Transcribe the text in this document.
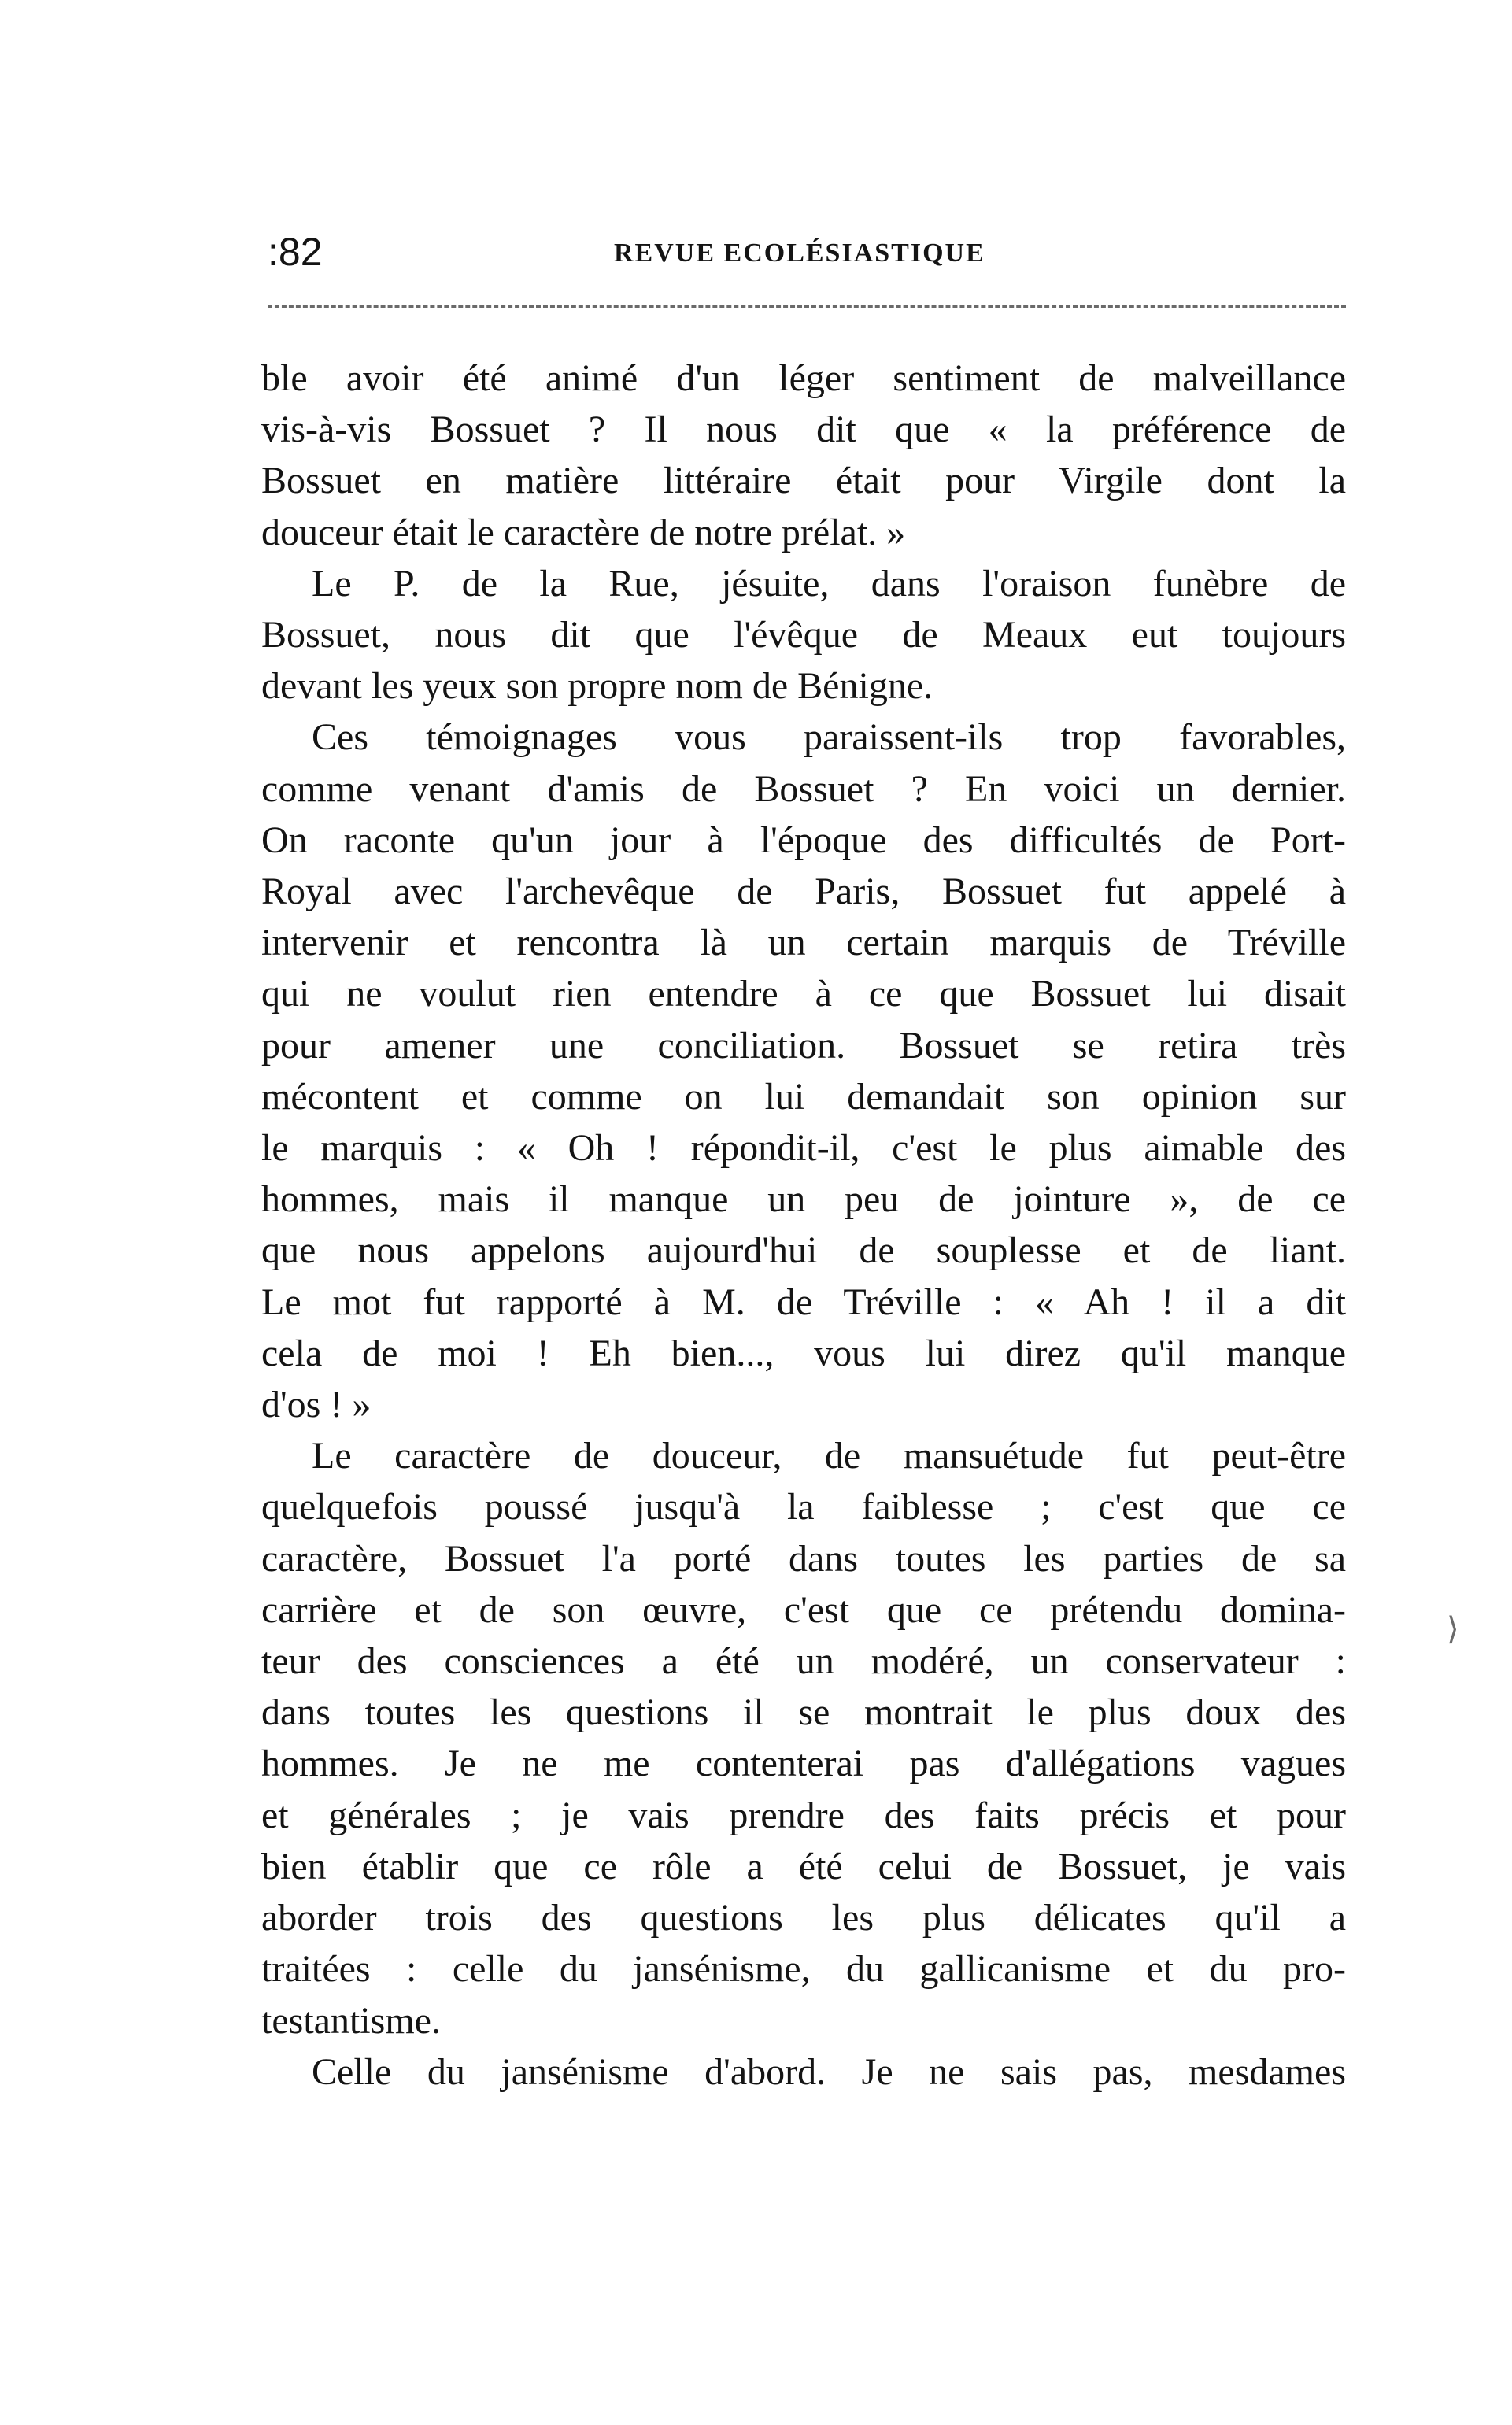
:82	REVUE ECOLÉSIASTIQUE
ble avoir été animé d'un léger sentiment de malveillance
vis-à-vis Bossuet ? Il nous dit que « la préférence de
Bossuet en matière littéraire était pour Virgile dont la
douceur était le caractère de notre prélat. »
Le P. de la Rue, jésuite, dans l'oraison funèbre de
Bossuet, nous dit que l'évêque de Meaux eut toujours
devant les yeux son propre nom de Bénigne.
Ces témoignages vous paraissent-ils trop favorables,
comme venant d'amis de Bossuet ? En voici un dernier.
On raconte qu'un jour à l'époque des difficultés de Port-
Royal avec l'archevêque de Paris, Bossuet fut appelé à
intervenir et rencontra là un certain marquis de Tréville
qui ne voulut rien entendre à ce que Bossuet lui disait
pour amener une conciliation. Bossuet se retira très
mécontent et comme on lui demandait son opinion sur
le marquis : « Oh ! répondit-il, c'est le plus aimable des
hommes, mais il manque un peu de jointure », de ce
que nous appelons aujourd'hui de souplesse et de liant.
Le mot fut rapporté à M. de Tréville : « Ah ! il a dit
cela de moi ! Eh bien..., vous lui direz qu'il manque
d'os ! »
Le caractère de douceur, de mansuétude fut peut-être
quelquefois poussé jusqu'à la faiblesse ; c'est que ce
caractère, Bossuet l'a porté dans toutes les parties de sa
carrière et de son œuvre, c'est que ce prétendu domina-
teur des consciences a été un modéré, un conservateur :
dans toutes les questions il se montrait le plus doux des
hommes. Je ne me contenterai pas d'allégations vagues
et générales ; je vais prendre des faits précis et pour
bien établir que ce rôle a été celui de Bossuet, je vais
aborder trois des questions les plus délicates qu'il a
traitées : celle du jansénisme, du gallicanisme et du pro-
testantisme.
Celle du jansénisme d'abord. Je ne sais pas, mesdames
⟩
